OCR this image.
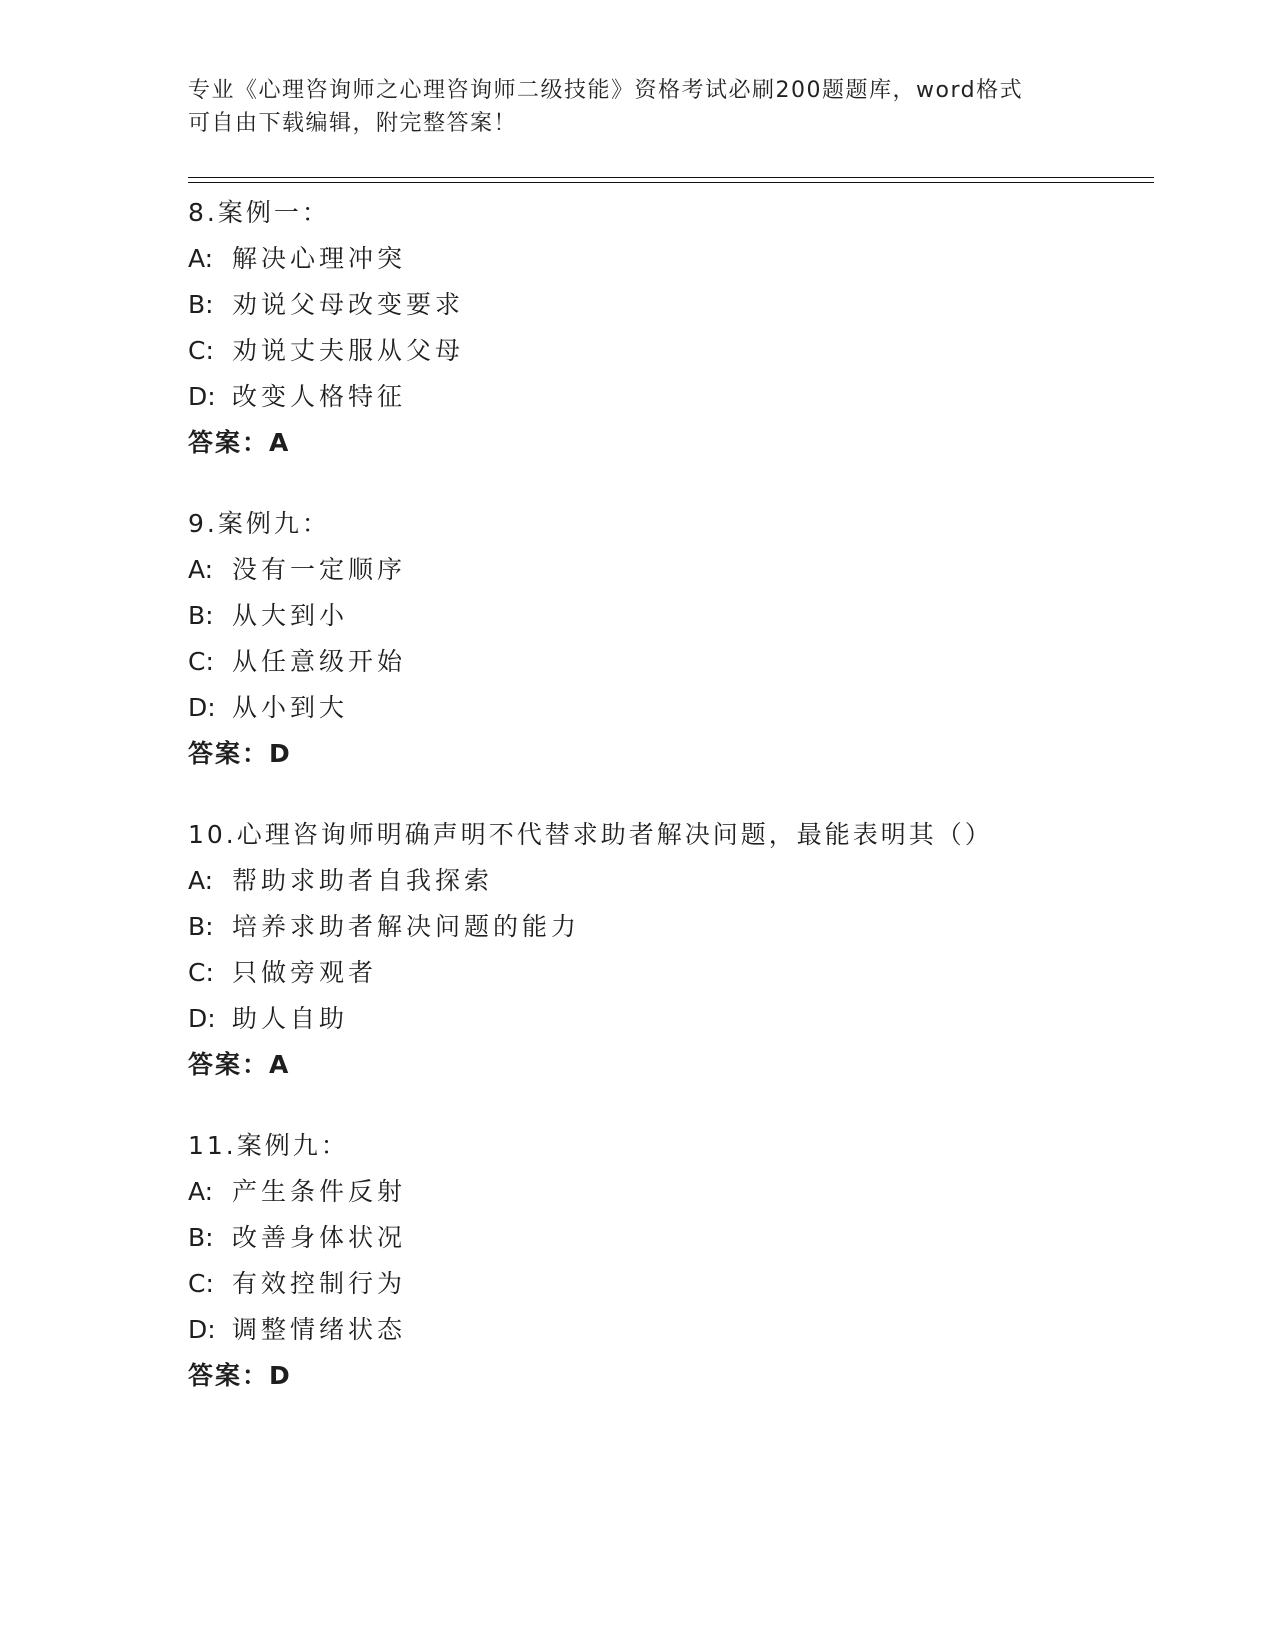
专业《心理咨询师之心理咨询师二级技能》资格考试必刷200题题库，word格式
可自由下载编辑，附完整答案！
8.案例一：
A: 解决心理冲突
B: 劝说父母改变要求
C: 劝说丈夫服从父母
D: 改变人格特征
答案：A
9.案例九：
A: 没有一定顺序
B: 从大到小
C: 从任意级开始
D: 从小到大
答案：D
10.心理咨询师明确声明不代替求助者解决问题，最能表明其（）
A: 帮助求助者自我探索
B: 培养求助者解决问题的能力
C: 只做旁观者
D: 助人自助
答案：A
11.案例九：
A: 产生条件反射
B: 改善身体状况
C: 有效控制行为
D: 调整情绪状态
答案：D
